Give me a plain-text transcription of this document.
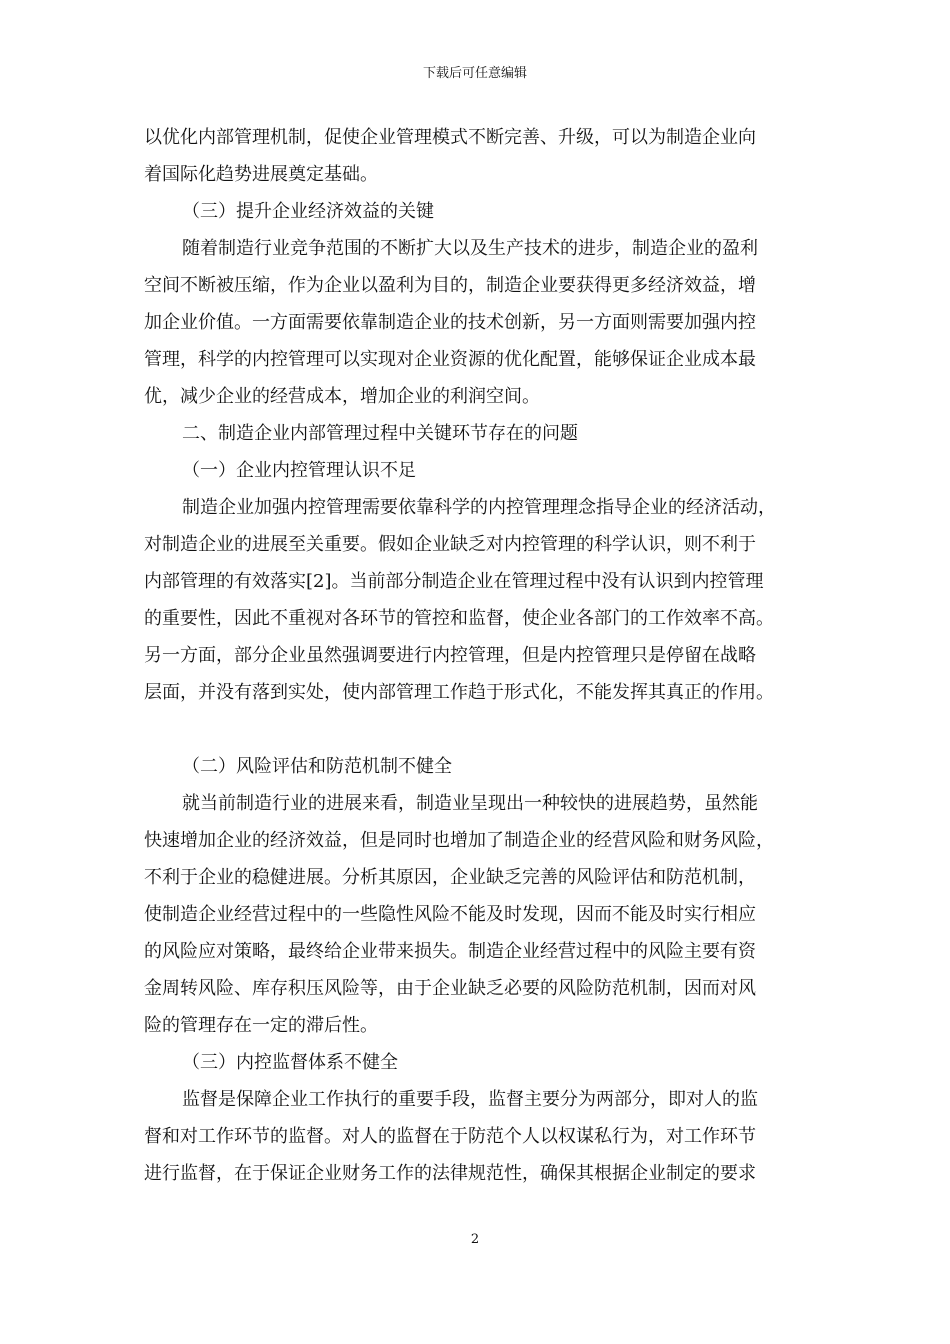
下载后可任意编辑
以优化内部管理机制，促使企业管理模式不断完善、升级，可以为制造企业向
着国际化趋势进展奠定基础。
（三）提升企业经济效益的关键
随着制造行业竞争范围的不断扩大以及生产技术的进步，制造企业的盈利
空间不断被压缩，作为企业以盈利为目的，制造企业要获得更多经济效益，增
加企业价值。一方面需要依靠制造企业的技术创新，另一方面则需要加强内控
管理，科学的内控管理可以实现对企业资源的优化配置，能够保证企业成本最
优，减少企业的经营成本，增加企业的利润空间。
二、制造企业内部管理过程中关键环节存在的问题
（一）企业内控管理认识不足
制造企业加强内控管理需要依靠科学的内控管理理念指导企业的经济活动，
对制造企业的进展至关重要。假如企业缺乏对内控管理的科学认识，则不利于
内部管理的有效落实[2]。当前部分制造企业在管理过程中没有认识到内控管理
的重要性，因此不重视对各环节的管控和监督，使企业各部门的工作效率不高。
另一方面，部分企业虽然强调要进行内控管理，但是内控管理只是停留在战略
层面，并没有落到实处，使内部管理工作趋于形式化，不能发挥其真正的作用。
（二）风险评估和防范机制不健全
就当前制造行业的进展来看，制造业呈现出一种较快的进展趋势，虽然能
快速增加企业的经济效益，但是同时也增加了制造企业的经营风险和财务风险，
不利于企业的稳健进展。分析其原因，企业缺乏完善的风险评估和防范机制，
使制造企业经营过程中的一些隐性风险不能及时发现，因而不能及时实行相应
的风险应对策略，最终给企业带来损失。制造企业经营过程中的风险主要有资
金周转风险、库存积压风险等，由于企业缺乏必要的风险防范机制，因而对风
险的管理存在一定的滞后性。
（三）内控监督体系不健全
监督是保障企业工作执行的重要手段，监督主要分为两部分，即对人的监
督和对工作环节的监督。对人的监督在于防范个人以权谋私行为，对工作环节
进行监督，在于保证企业财务工作的法律规范性，确保其根据企业制定的要求
2
